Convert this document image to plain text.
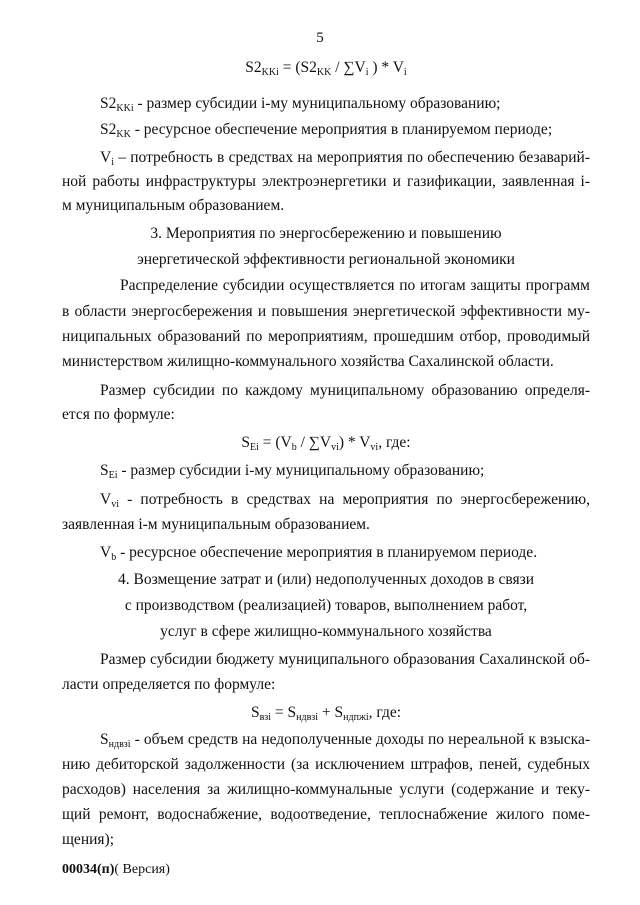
5
$S2_{KKi} = (S2_{KK} / \sum V_i$ ) * $V_i$
$S2_{KKi}$ - размер субсидии i-му муниципальному образованию;
$S2_{KK}$ - ресурсное обеспечение мероприятия в планируемом периоде;
$V_i$ – потребность в средствах на мероприятия по обеспечению безаварий-
ной работы инфраструктуры электроэнергетики и газификации, заявленная i-
м муниципальным образованием.
3. Мероприятия по энергосбережению и повышению
энергетической эффективности региональной экономики
Распределение субсидии осуществляется по итогам защиты программ
в области энергосбережения и повышения энергетической эффективности му-
ниципальных образований по мероприятиям, прошедшим отбор, проводимый
министерством жилищно-коммунального хозяйства Сахалинской области.
Размер субсидии по каждому муниципальному образованию определя-
ется по формуле:
$S_{Ei} = (V_b / \sum V_{vi}) * V_{vi}$, где:
$S_{Ei}$ - размер субсидии i-му муниципальному образованию;
$V_{vi}$ - потребность в средствах на мероприятия по энергосбережению,
заявленная i-м муниципальным образованием.
$V_b$ - ресурсное обеспечение мероприятия в планируемом периоде.
4. Возмещение затрат и (или) недополученных доходов в связи
с производством (реализацией) товаров, выполнением работ,
услуг в сфере жилищно-коммунального хозяйства
Размер субсидии бюджету муниципального образования Сахалинской об-
ласти определяется по формуле:
$S_{взi} = S_{ндвзi} + S_{ндпжi}$, где:
$S_{ндвзi}$ - объем средств на недополученные доходы по нереальной к взыска-
нию дебиторской задолженности (за исключением штрафов, пеней, судебных
расходов) населения за жилищно-коммунальные услуги (содержание и теку-
щий ремонт, водоснабжение, водоотведение, теплоснабжение жилого поме-
щения);
00034(п)( Версия)
